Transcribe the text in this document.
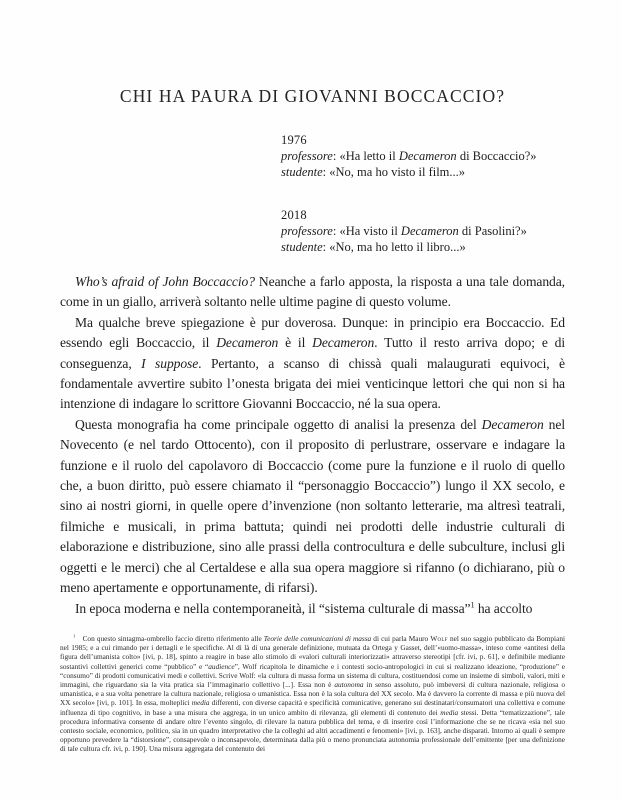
CHI HA PAURA DI GIOVANNI BOCCACCIO?
1976
professore: «Ha letto il Decameron di Boccaccio?»
studente: «No, ma ho visto il film...»
2018
professore: «Ha visto il Decameron di Pasolini?»
studente: «No, ma ho letto il libro...»

Who’s afraid of John Boccaccio? Neanche a farlo apposta, la risposta a una tale domanda, come in un giallo, arriverà soltanto nelle ultime pagine di questo volume.

Ma qualche breve spiegazione è pur doverosa. Dunque: in principio era Boccaccio. Ed essendo egli Boccaccio, il Decameron è il Decameron. Tutto il resto arriva dopo; e di conseguenza, I suppose. Pertanto, a scanso di chissà quali malaugurati equivoci, è fondamentale avvertire subito l’onesta brigata dei miei venticinque lettori che qui non si ha intenzione di indagare lo scrittore Giovanni Boccaccio, né la sua opera.

Questa monografia ha come principale oggetto di analisi la presenza del Decameron nel Novecento (e nel tardo Ottocento), con il proposito di perlustrare, osservare e indagare la funzione e il ruolo del capolavoro di Boccaccio (come pure la funzione e il ruolo di quello che, a buon diritto, può essere chiamato il “personaggio Boccaccio”) lungo il XX secolo, e sino ai nostri giorni, in quelle opere d’invenzione (non soltanto letterarie, ma altresì teatrali, filmiche e musicali, in prima battuta; quindi nei prodotti delle industrie culturali di elaborazione e distribuzione, sino alle prassi della controcultura e delle subculture, inclusi gli oggetti e le merci) che al Certaldese e alla sua opera maggiore si rifanno (o dichiarano, più o meno apertamente e opportunamente, di rifarsi).

In epoca moderna e nella contemporaneità, il “sistema culturale di massa”$^1$ ha accolto

$^1$  Con questo sintagma-ombrello faccio diretto riferimento alle Teorie delle comunicazioni di massa di cui parla Mauro Wolf nel suo saggio pubblicato da Bompiani nel 1985; e a cui rimando per i dettagli e le specifiche. Al di là di una generale definizione, mutuata da Ortega y Gasset, dell’«uomo-massa», inteso come «antitesi della figura dell’umanista colto» [ivi, p. 18], spinto a reagire in base allo stimolo di «valori culturali interiorizzati» attraverso stereotipi [cfr. ivi, p. 61], e definibile mediante sostantivi collettivi generici come “pubblico” e “audience”, Wolf ricapitola le dinamiche e i contesti socio-antropologici in cui si realizzano ideazione, “produzione” e “consumo” di prodotti comunicativi medi e collettivi. Scrive Wolf: «la cultura di massa forma un sistema di cultura, costituendosi come un insieme di simboli, valori, miti e immagini, che riguardano sia la vita pratica sia l’immaginario collettivo [...]. Essa non è autonoma in senso assoluto, può imbeversi di cultura nazionale, religiosa o umanistica, e a sua volta penetrare la cultura nazionale, religiosa o umanistica. Essa non è la sola cultura del XX secolo. Ma è davvero la corrente di massa e più nuova del XX secolo» [ivi, p. 101]. In essa, molteplici media differenti, con diverse capacità e specificità comunicative, generano sui destinatari/consumatori una collettiva e comune influenza di tipo cognitivo, in base a una misura che aggrega, in un unico ambito di rilevanza, gli elementi di contenuto dei media stessi. Detta “tematizzazione”, tale procedura informativa consente di andare oltre l’evento singolo, di rilevare la natura pubblica del tema, e di inserire così l’informazione che se ne ricava «sia nel suo contesto sociale, economico, politico, sia in un quadro interpretativo che la colleghi ad altri accadimenti e fenomeni» [ivi, p. 163], anche disparati. Intorno ai quali è sempre opportuno prevedere la “distorsione”, consapevole o inconsapevole, determinata dalla più o meno pronunciata autonomia professionale dell’emittente [per una definizione di tale cultura cfr. ivi, p. 190]. Una misura aggregata del contenuto dei
